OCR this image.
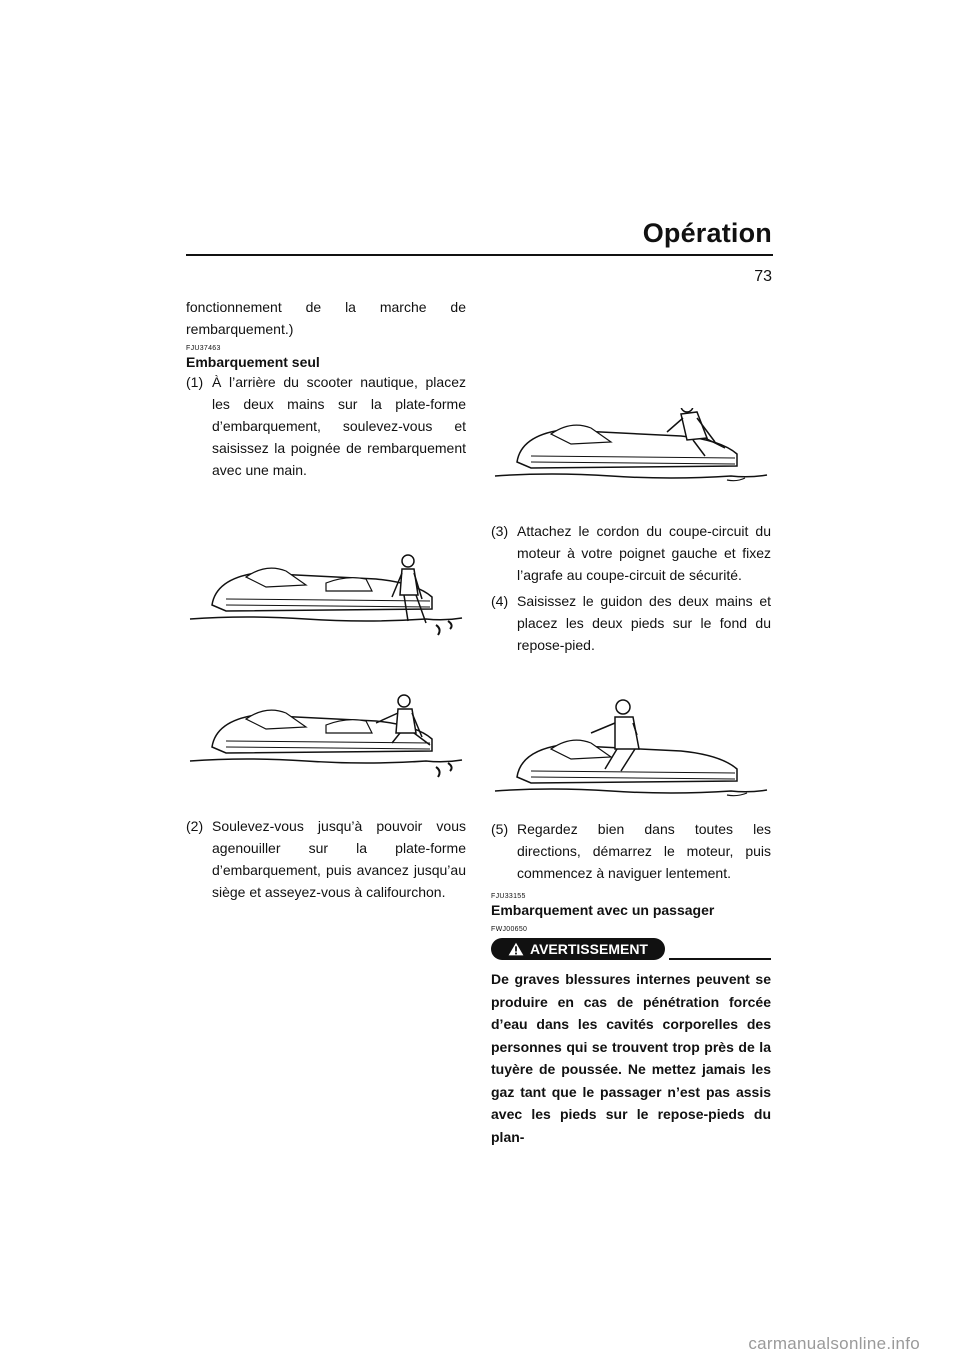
Opération
73

fonctionnement de la marche de rembarquement.)

FJU37463

Embarquement seul

(1) À l’arrière du scooter nautique, placez les deux mains sur la plate-forme d’embarquement, soulevez-vous et saisissez la poignée de rembarquement avec une main.

(2) Soulevez-vous jusqu’à pouvoir vous agenouiller sur la plate-forme d’embarquement, puis avancez jusqu’au siège et asseyez-vous à califourchon.

(3) Attachez le cordon du coupe-circuit du moteur à votre poignet gauche et fixez l’agrafe au coupe-circuit de sécurité.

(4) Saisissez le guidon des deux mains et placez les deux pieds sur le fond du repose-pied.

(5) Regardez bien dans toutes les directions, démarrez le moteur, puis commencez à naviguer lentement.

FJU33155

Embarquement avec un passager

FWJ00650
AVERTISSEMENT

De graves blessures internes peuvent se produire en cas de pénétration forcée d’eau dans les cavités corporelles des personnes qui se trouvent trop près de la tuyère de poussée. Ne mettez jamais les gaz tant que le passager n’est pas assis avec les pieds sur le repose-pieds du plan-

carmanualsonline.info
